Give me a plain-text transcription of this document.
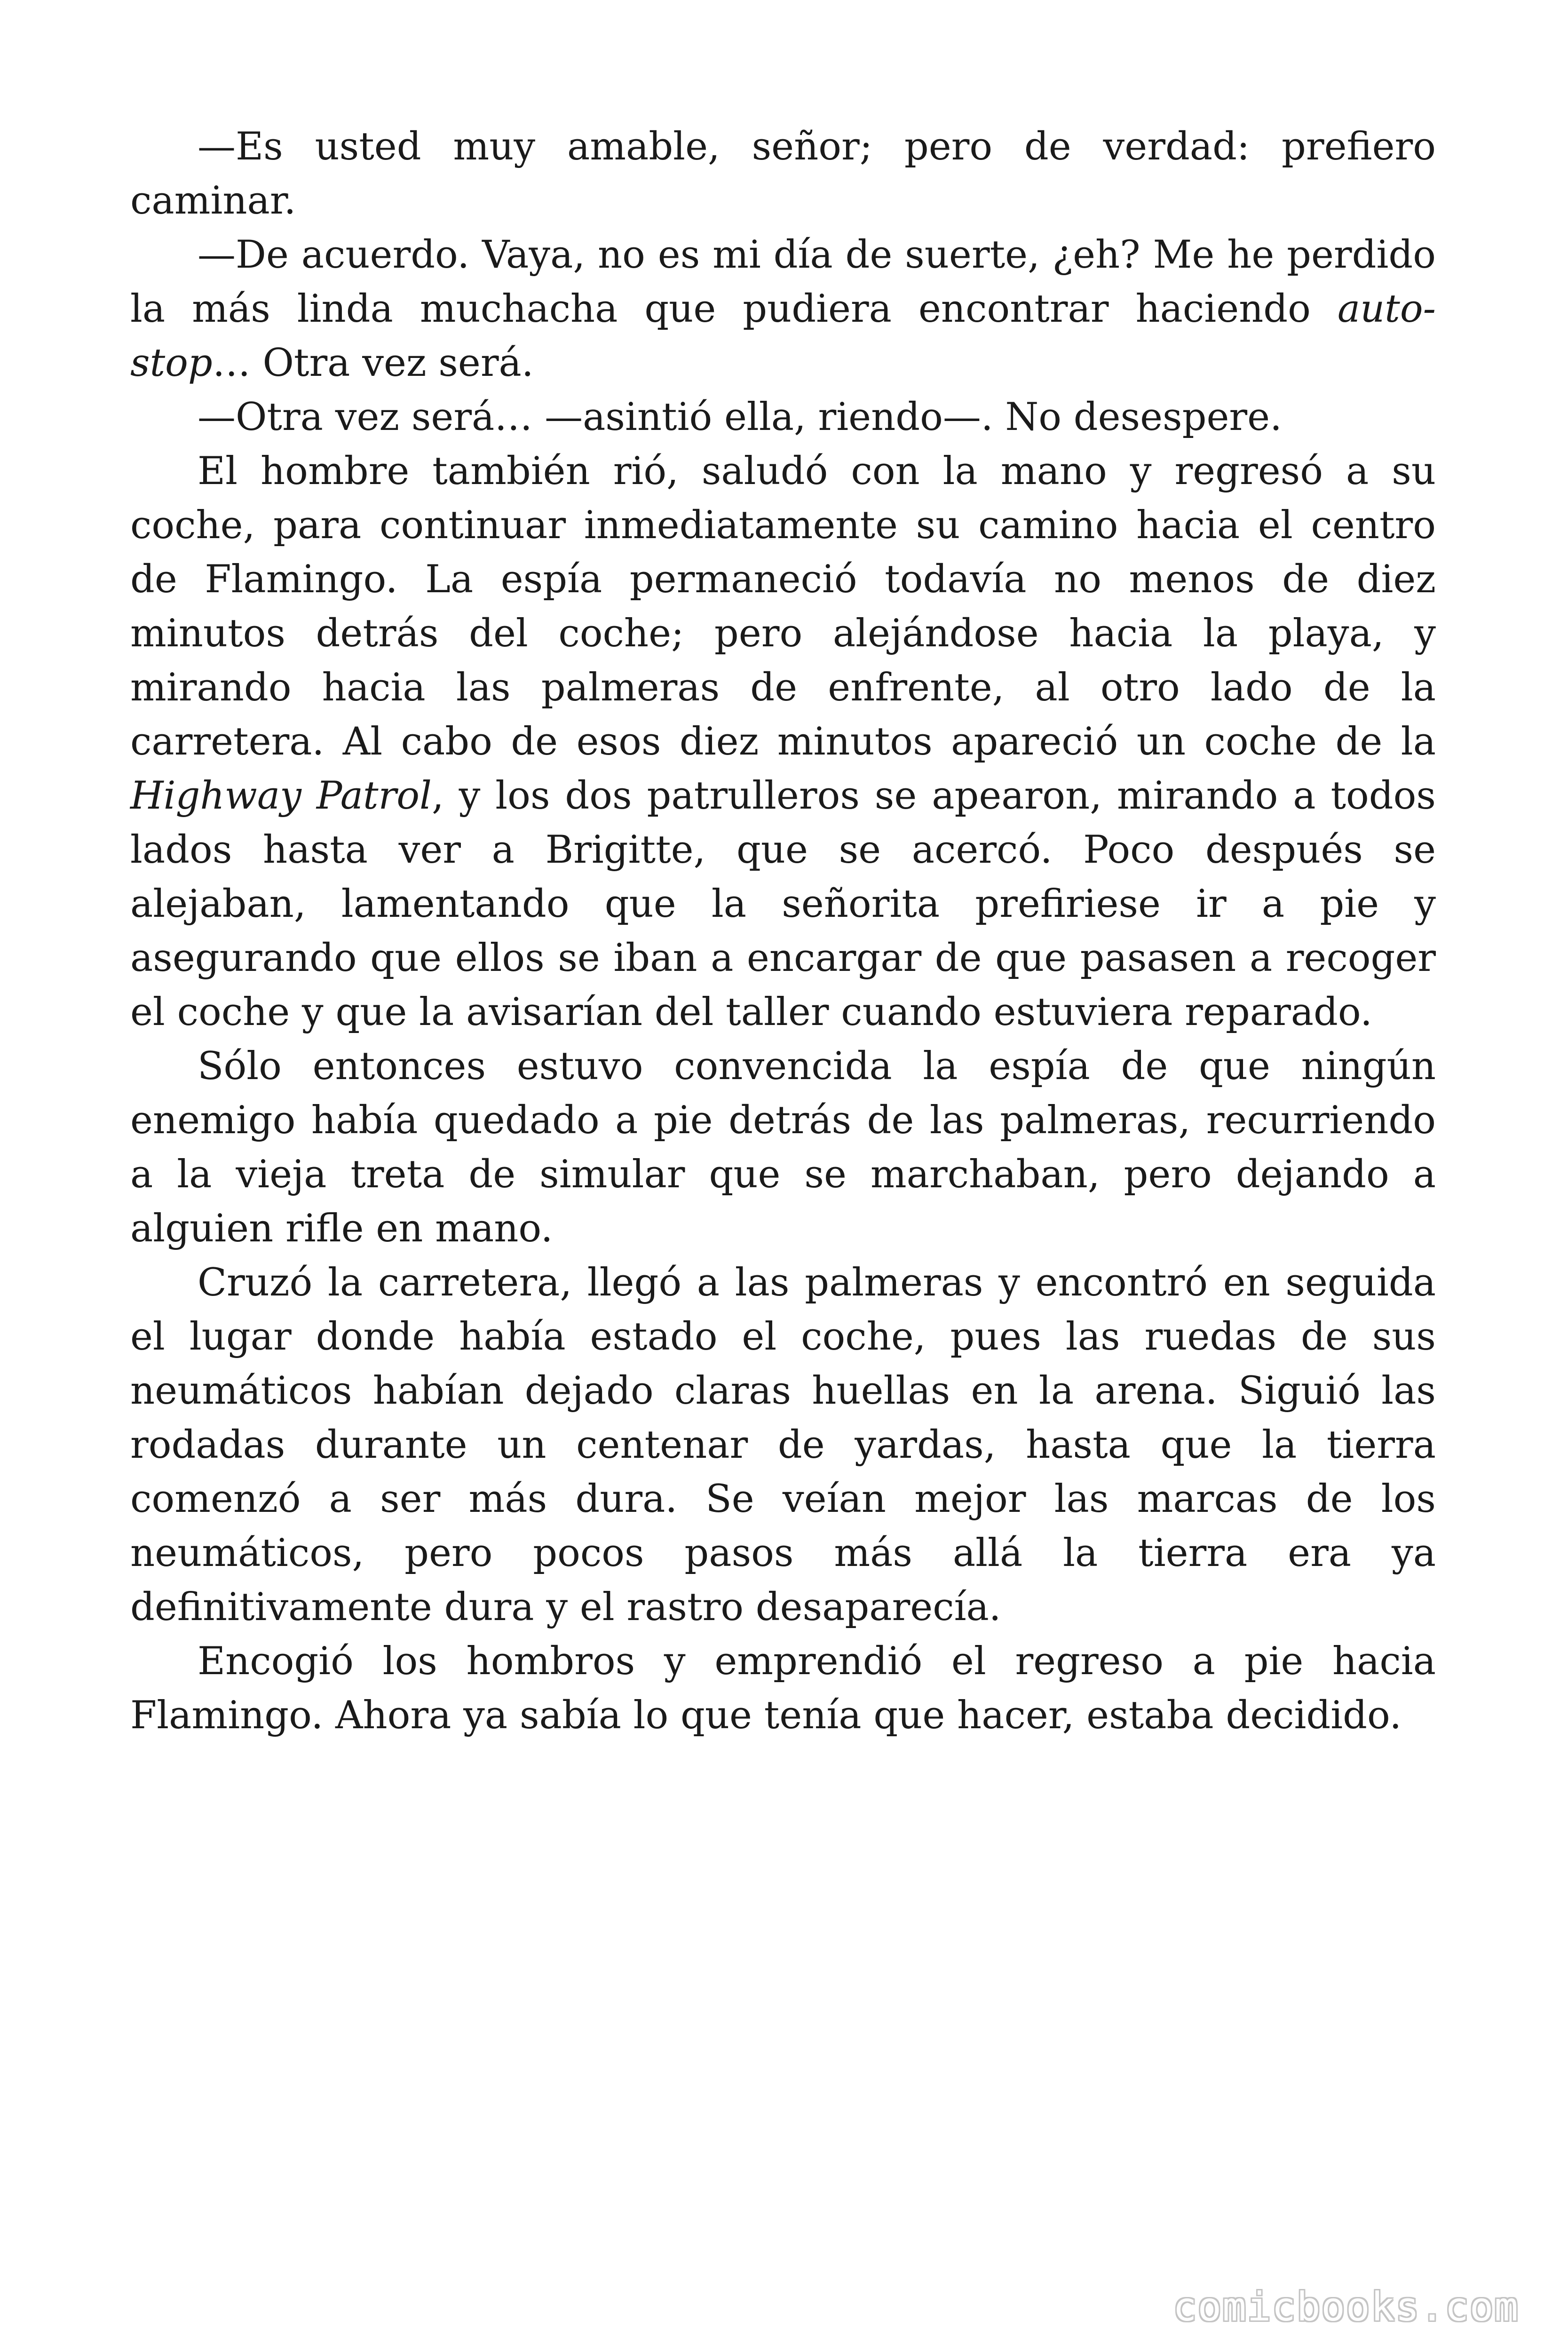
—Es usted muy amable, señor; pero de verdad: prefiero caminar.

—De acuerdo. Vaya, no es mi día de suerte, ¿eh? Me he perdido la más linda muchacha que pudiera encontrar haciendo auto-stop… Otra vez será.

—Otra vez será… —asintió ella, riendo—. No desespere.

El hombre también rió, saludó con la mano y regresó a su coche, para continuar inmediatamente su camino hacia el centro de Flamingo. La espía permaneció todavía no menos de diez minutos detrás del coche; pero alejándose hacia la playa, y mirando hacia las palmeras de enfrente, al otro lado de la carretera. Al cabo de esos diez minutos apareció un coche de la Highway Patrol, y los dos patrulleros se apearon, mirando a todos lados hasta ver a Brigitte, que se acercó. Poco después se alejaban, lamentando que la señorita prefiriese ir a pie y asegurando que ellos se iban a encargar de que pasasen a recoger el coche y que la avisarían del taller cuando estuviera reparado.

Sólo entonces estuvo convencida la espía de que ningún enemigo había quedado a pie detrás de las palmeras, recurriendo a la vieja treta de simular que se marchaban, pero dejando a alguien rifle en mano.

Cruzó la carretera, llegó a las palmeras y encontró en seguida el lugar donde había estado el coche, pues las ruedas de sus neumáticos habían dejado claras huellas en la arena. Siguió las rodadas durante un centenar de yardas, hasta que la tierra comenzó a ser más dura. Se veían mejor las marcas de los neumáticos, pero pocos pasos más allá la tierra era ya definitivamente dura y el rastro desaparecía.

Encogió los hombros y emprendió el regreso a pie hacia Flamingo. Ahora ya sabía lo que tenía que hacer, estaba decidido.

comicbooks.com
